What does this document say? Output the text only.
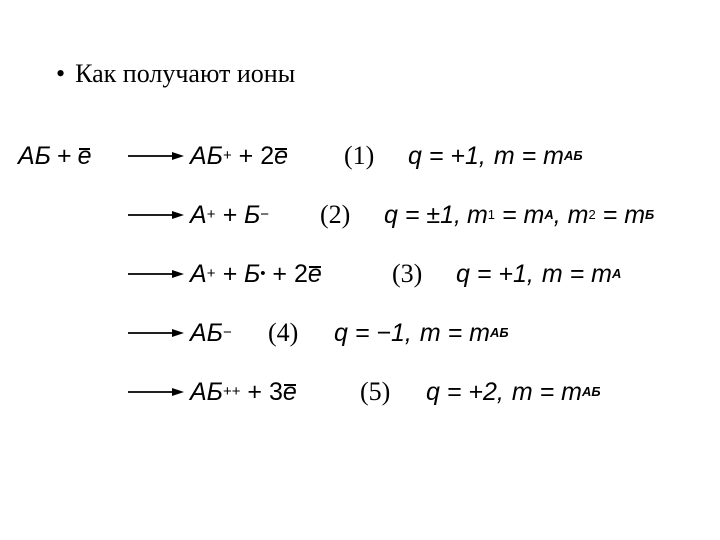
• Как получают ионы
АБ + e	АБ + + 2 e (1) q = +1, m = m АБ
А + + Б − (2) q = ±1, m 1 = m А , m 2 = m Б
А + + Б • + 2 e	(3) q = +1, m = m А
АБ − (4) q = −1, m = m АБ
АБ ++ + 3 e (5) q = +2, m = m АБ
